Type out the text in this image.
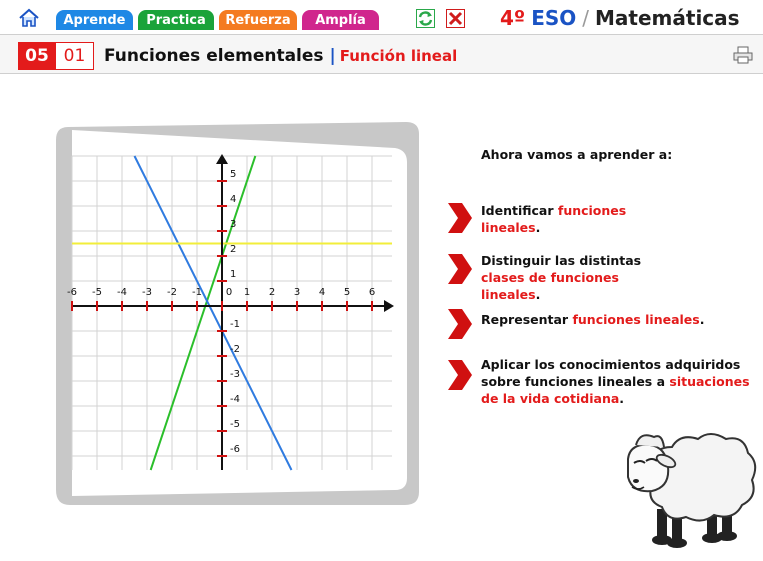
Aprende	Practica	Refuerza	Amplía	4º ESO / Matemáticas
05 01	Funciones elementales | Función lineal
-6 -5 -4 -3 -2 -1 0 1 2 3 4 5 6
5
4
3
2
1
-1
-2
-3
-4
-5
-6
Ahora vamos a aprender a:
Identificar funciones lineales.
Distinguir las distintas clases de funciones lineales.
Representar funciones lineales.
Aplicar los conocimientos adquiridos sobre funciones lineales a situaciones de la vida cotidiana.
